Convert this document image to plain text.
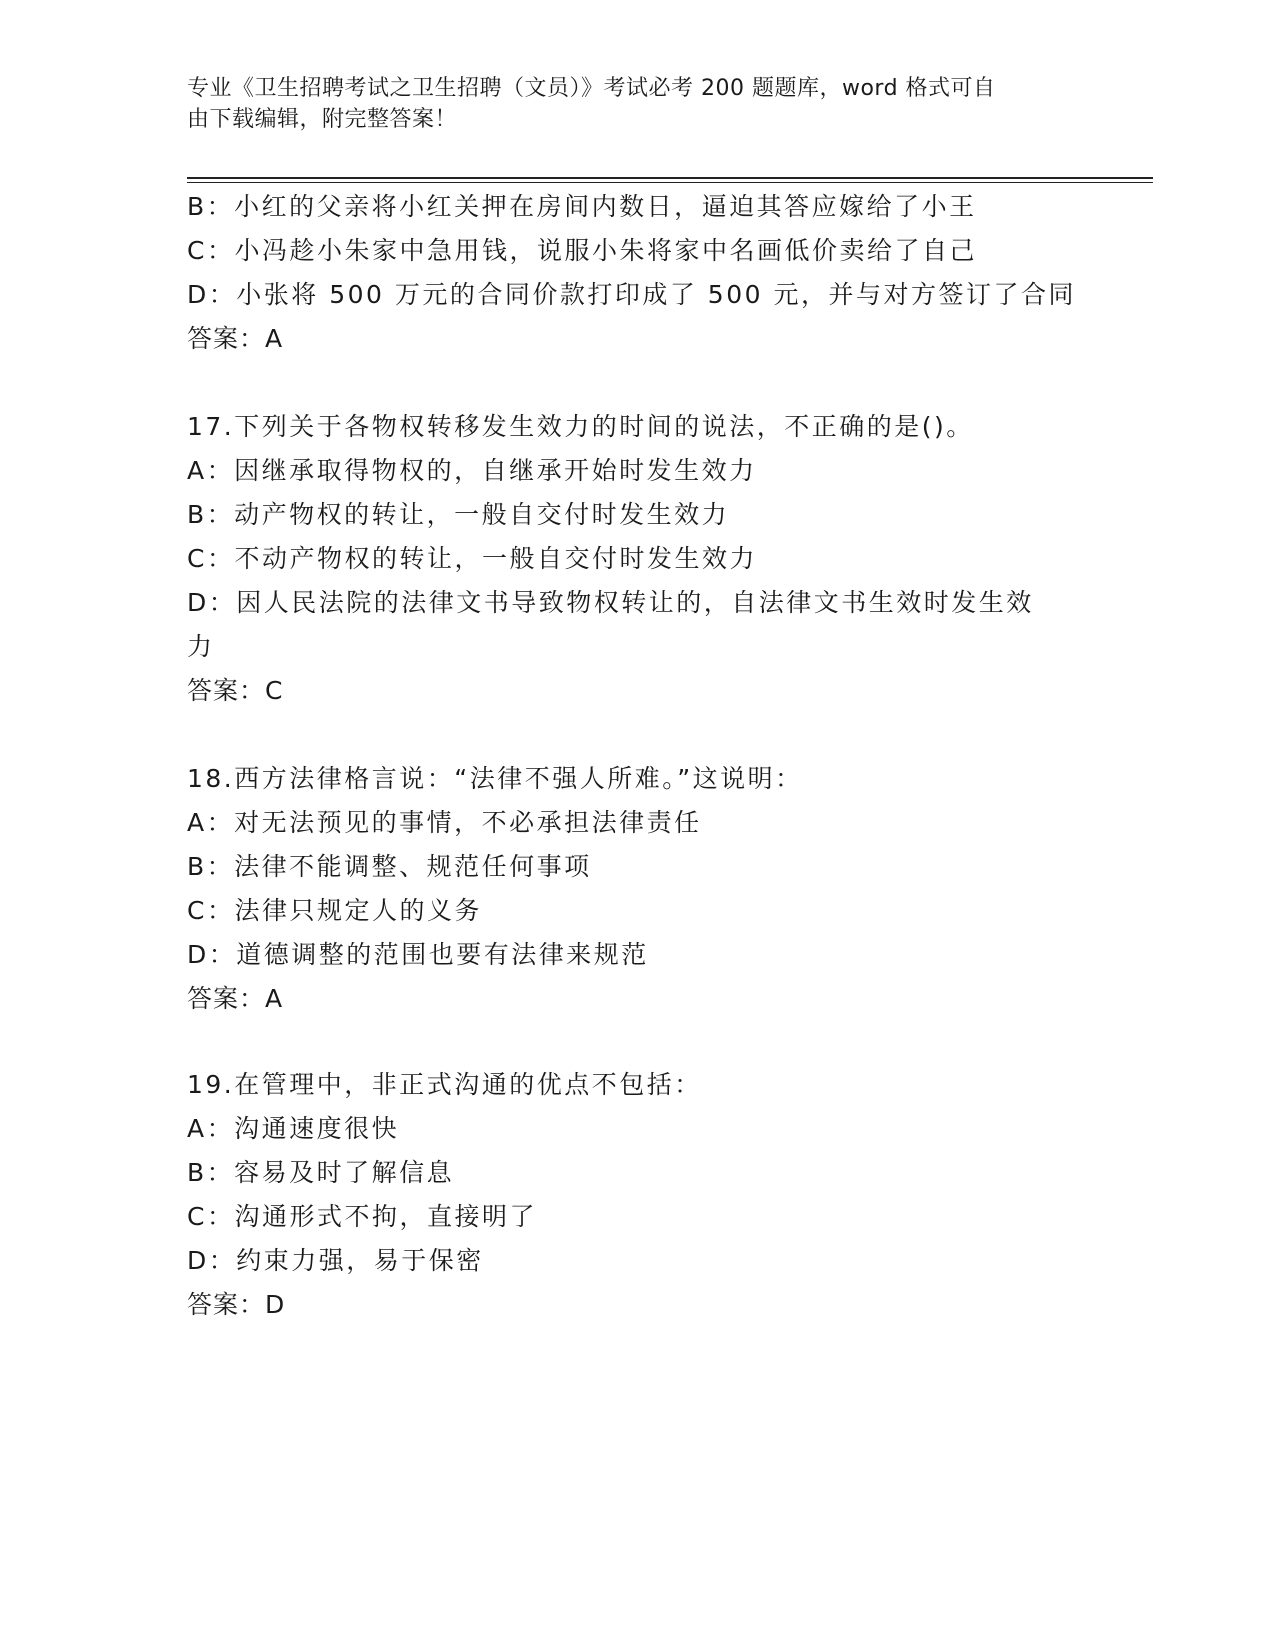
专业《卫生招聘考试之卫生招聘（文员）》考试必考 200 题题库，word 格式可自
由下载编辑，附完整答案！
B：小红的父亲将小红关押在房间内数日，逼迫其答应嫁给了小王
C：小冯趁小朱家中急用钱，说服小朱将家中名画低价卖给了自己
D：小张将 500 万元的合同价款打印成了 500 元，并与对方签订了合同
答案：A
17.下列关于各物权转移发生效力的时间的说法，不正确的是()。
A：因继承取得物权的，自继承开始时发生效力
B：动产物权的转让，一般自交付时发生效力
C：不动产物权的转让，一般自交付时发生效力
D：因人民法院的法律文书导致物权转让的，自法律文书生效时发生效
力
答案：C
18.西方法律格言说：“法律不强人所难。”这说明：
A：对无法预见的事情，不必承担法律责任
B：法律不能调整、规范任何事项
C：法律只规定人的义务
D：道德调整的范围也要有法律来规范
答案：A
19.在管理中，非正式沟通的优点不包括：
A：沟通速度很快
B：容易及时了解信息
C：沟通形式不拘，直接明了
D：约束力强，易于保密
答案：D
